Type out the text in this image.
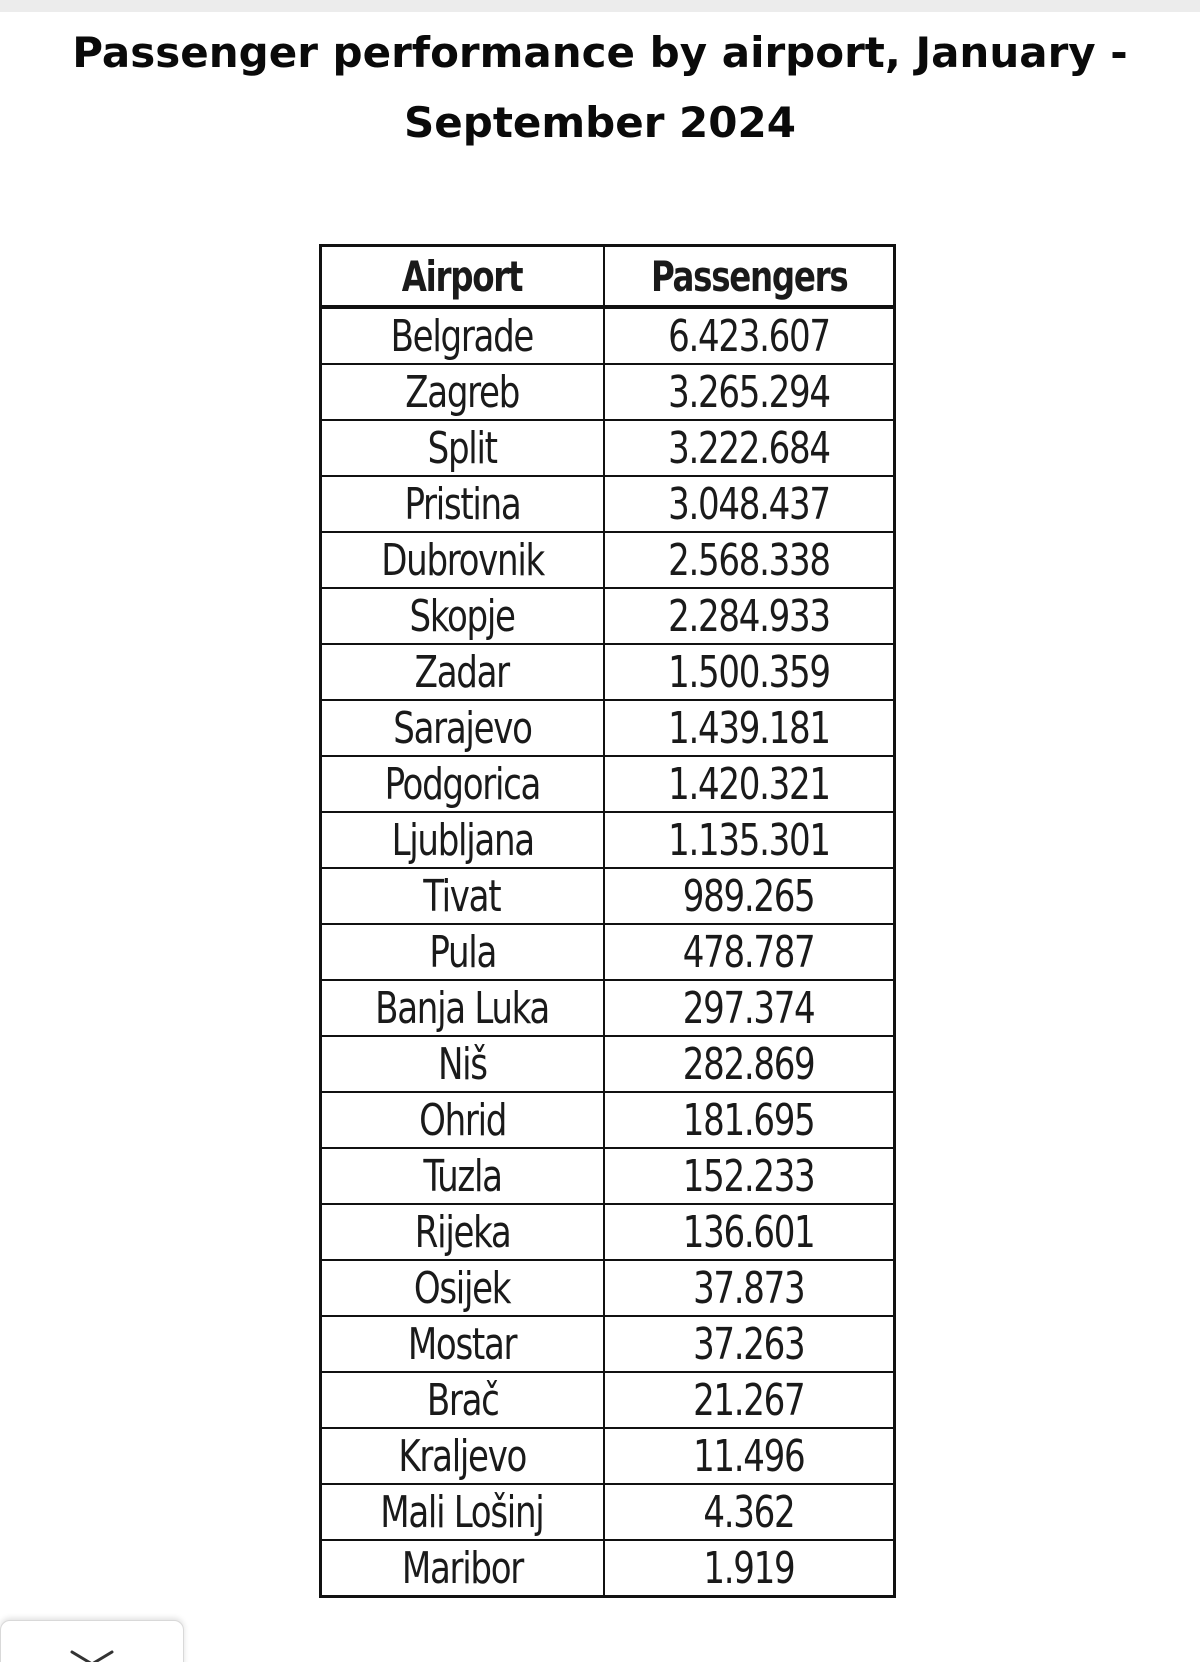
Passenger performance by airport, January - September 2024
Airport	Passengers
Belgrade	6.423.607
Zagreb	3.265.294
Split	3.222.684
Pristina	3.048.437
Dubrovnik	2.568.338
Skopje	2.284.933
Zadar	1.500.359
Sarajevo	1.439.181
Podgorica	1.420.321
Ljubljana	1.135.301
Tivat	989.265
Pula	478.787
Banja Luka	297.374
Niš	282.869
Ohrid	181.695
Tuzla	152.233
Rijeka	136.601
Osijek	37.873
Mostar	37.263
Brač	21.267
Kraljevo	11.496
Mali Lošinj	4.362
Maribor	1.919
